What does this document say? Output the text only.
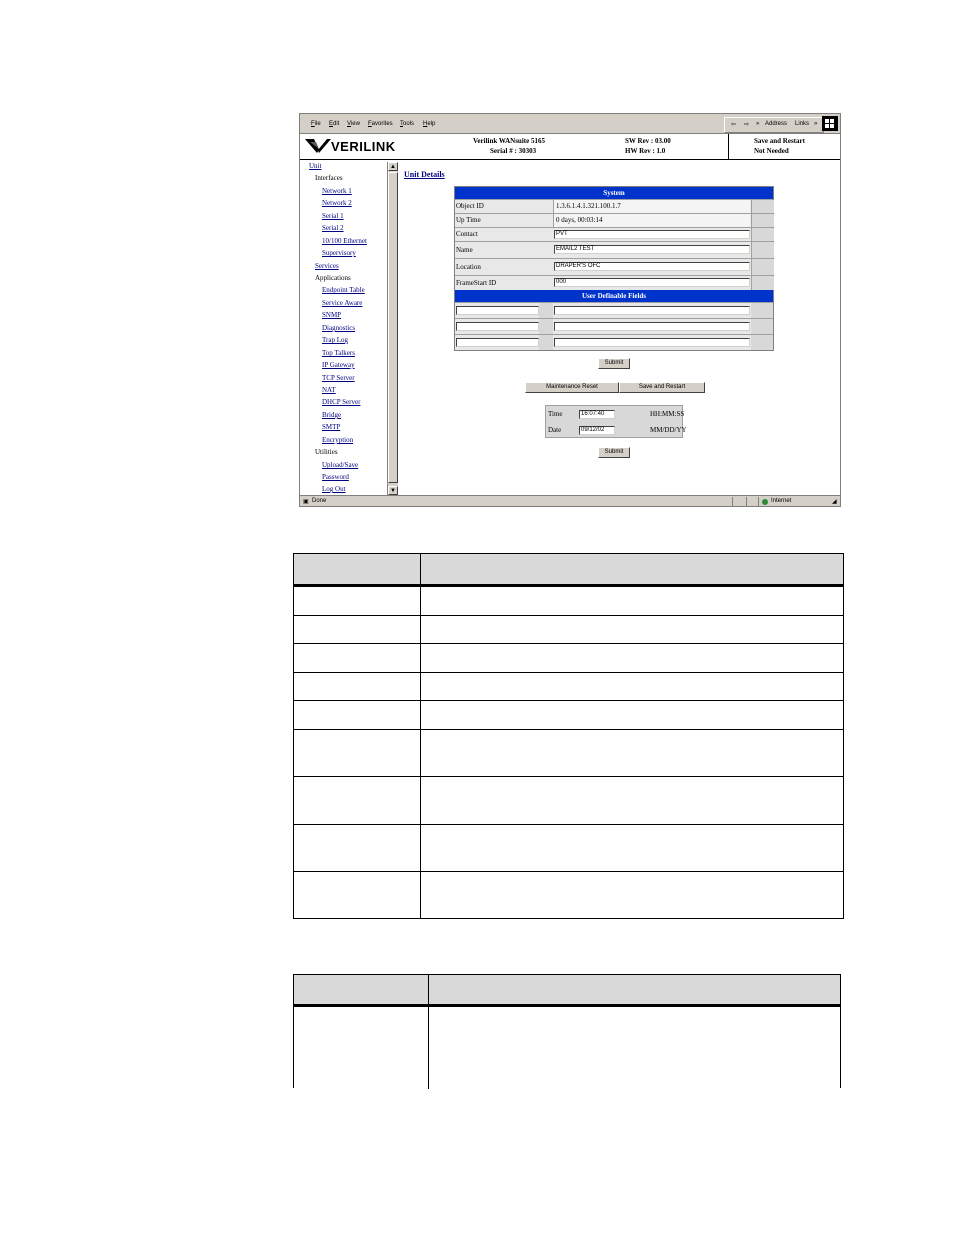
File Edit View Favorites Tools Help	⇦ ⇨ » Address Links »
VERILINK	Verilink WANsuite 5165
Serial # : 30303
SW Rev : 03.00
HW Rev : 1.0
Save and Restart
Not Needed
Unit
Interfaces
Network 1
Network 2
Serial 1
Serial 2
10/100 Ethernet
Supervisory
Services
Applications
Endpoint Table
Service Aware
SNMP
Diagnostics
Trap Log
Top Talkers
IP Gateway
TCP Server
NAT
DHCP Server
Bridge
SMTP
Encryption
Utilities
Upload/Save
Password
Log Out
▲
▼
Unit Details
System
Object ID	1.3.6.1.4.1.321.100.1.7
Up Time	0 days, 00:03:14
Contact	PVT
Name	EMAIL2 TEST
Location	DRAPER'S OFC
FrameStart ID	000
User Definable Fields
Submit
Maintenance Reset	Save and Restart
Time	16:07:40	HH:MM:SS
Date	09/12/02	MM/DD/YY
Submit
▣ Done	Internet	◢
